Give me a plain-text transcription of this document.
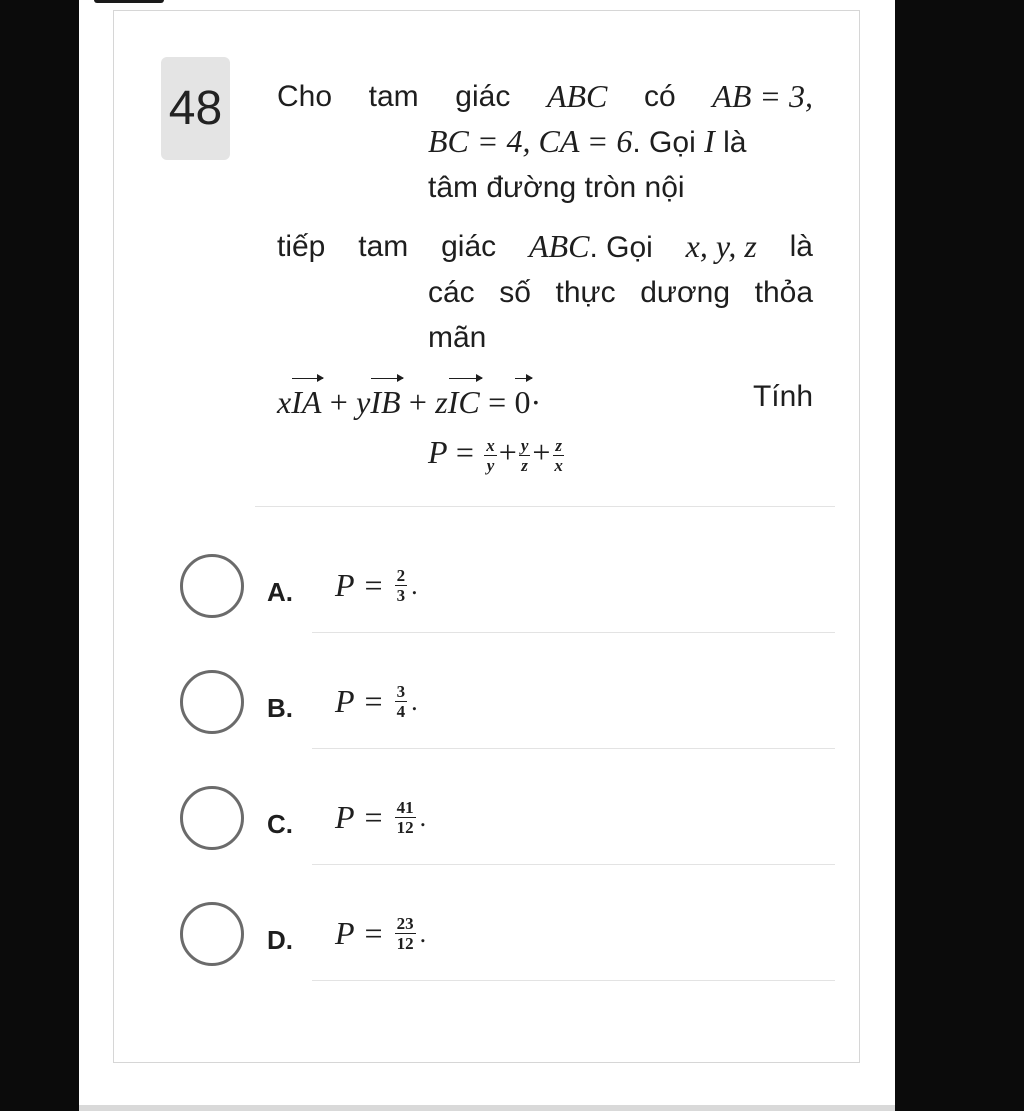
48 Cho tam giác ABC có AB = 3,
BC = 4, CA = 6. Gọi I là
tâm đường tròn nội
tiếp tam giác ABC. Gọi x, y, z là
các số thực dương thỏa
mãn
xIA + yIB + zIC = 0·	Tính
$P = \frac{x}{y} + \frac{y}{z} + \frac{z}{x}$
A. $P = \frac{2}{3}$ .
B. $P = \frac{3}{4}$ .
C. $P = \frac{41}{12}$ .
D. $P = \frac{23}{12}$ .
